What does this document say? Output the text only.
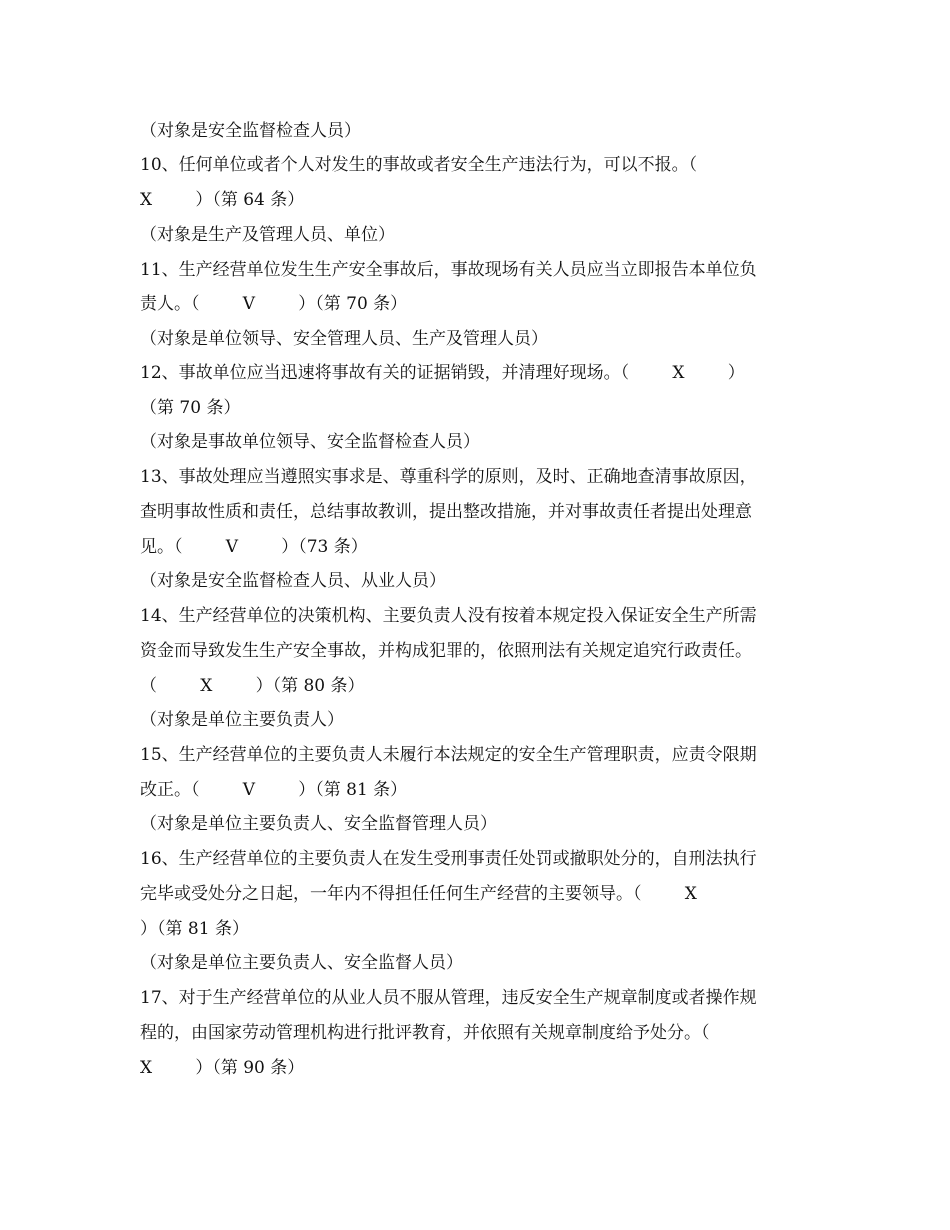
（对象是安全监督检查人员）

10、任何单位或者个人对发生的事故或者安全生产违法行为，可以不报。（

X        ）（第 64 条）

（对象是生产及管理人员、单位）

11、生产经营单位发生生产安全事故后，事故现场有关人员应当立即报告本单位负

责人。（        V        ）（第 70 条）

（对象是单位领导、安全管理人员、生产及管理人员）

12、事故单位应当迅速将事故有关的证据销毁，并清理好现场。（        X        ）

（第 70 条）

（对象是事故单位领导、安全监督检查人员）

13、事故处理应当遵照实事求是、尊重科学的原则，及时、正确地查清事故原因，

查明事故性质和责任，总结事故教训，提出整改措施，并对事故责任者提出处理意

见。（        V        ）（73 条）

（对象是安全监督检查人员、从业人员）

14、生产经营单位的决策机构、主要负责人没有按着本规定投入保证安全生产所需

资金而导致发生生产安全事故，并构成犯罪的，依照刑法有关规定追究行政责任。

（        X        ）（第 80 条）

（对象是单位主要负责人）

15、生产经营单位的主要负责人未履行本法规定的安全生产管理职责，应责令限期

改正。（        V        ）（第 81 条）

（对象是单位主要负责人、安全监督管理人员）

16、生产经营单位的主要负责人在发生受刑事责任处罚或撤职处分的，自刑法执行

完毕或受处分之日起，一年内不得担任任何生产经营的主要领导。（        X

）（第 81 条）

（对象是单位主要负责人、安全监督人员）

17、对于生产经营单位的从业人员不服从管理，违反安全生产规章制度或者操作规

程的，由国家劳动管理机构进行批评教育，并依照有关规章制度给予处分。（

X        ）（第 90 条）
